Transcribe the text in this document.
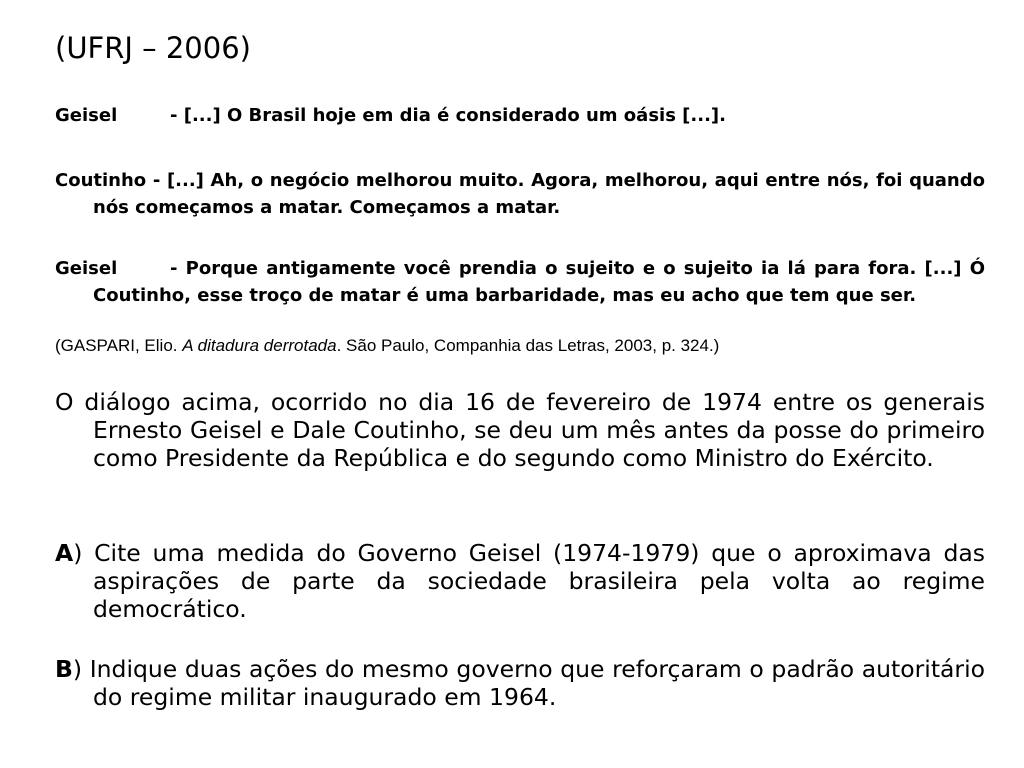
(UFRJ – 2006)
Geisel	- [...] O Brasil hoje em dia é considerado um oásis [...].
Coutinho - [...] Ah, o negócio melhorou muito. Agora, melhorou, aqui entre nós, foi quando nós começamos a matar. Começamos a matar.
Geisel	- Porque antigamente você prendia o sujeito e o sujeito ia lá para fora. [...] Ó Coutinho, esse troço de matar é uma barbaridade, mas eu acho que tem que ser.
(GASPARI, Elio. A ditadura derrotada. São Paulo, Companhia das Letras, 2003, p. 324.)
O diálogo acima, ocorrido no dia 16 de fevereiro de 1974 entre os generais Ernesto Geisel e Dale Coutinho, se deu um mês antes da posse do primeiro como Presidente da República e do segundo como Ministro do Exército.
A) Cite uma medida do Governo Geisel (1974-1979) que o aproximava das aspirações de parte da sociedade brasileira pela volta ao regime democrático.
B) Indique duas ações do mesmo governo que reforçaram o padrão autoritário do regime militar inaugurado em 1964.
